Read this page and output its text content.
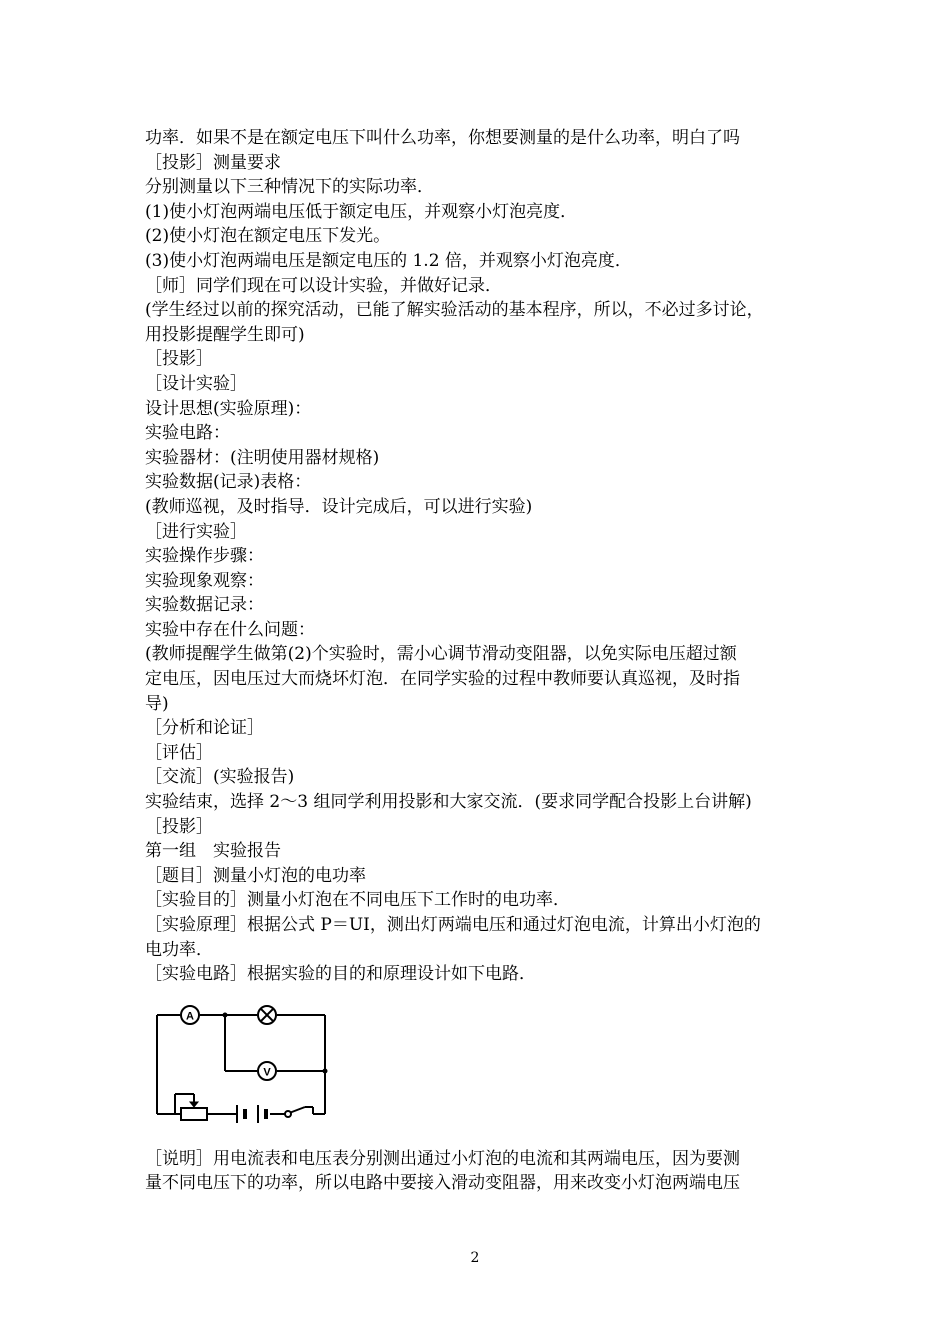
功率．如果不是在额定电压下叫什么功率，你想要测量的是什么功率，明白了吗
［投影］测量要求
分别测量以下三种情况下的实际功率．
(1)使小灯泡两端电压低于额定电压，并观察小灯泡亮度．
(2)使小灯泡在额定电压下发光。
(3)使小灯泡两端电压是额定电压的 1.2 倍，并观察小灯泡亮度．
［师］同学们现在可以设计实验，并做好记录．
(学生经过以前的探究活动，已能了解实验活动的基本程序，所以，不必过多讨论，
用投影提醒学生即可)
［投影］
［设计实验］
设计思想(实验原理)：
实验电路：
实验器材：(注明使用器材规格)
实验数据(记录)表格：
(教师巡视，及时指导．设计完成后，可以进行实验)
［进行实验］
实验操作步骤：
实验现象观察：
实验数据记录：
实验中存在什么问题：
(教师提醒学生做第(2)个实验时，需小心调节滑动变阻器，以免实际电压超过额
定电压，因电压过大而烧坏灯泡．在同学实验的过程中教师要认真巡视，及时指
导)
［分析和论证］
［评估］
［交流］(实验报告)
实验结束，选择 2～3 组同学利用投影和大家交流．(要求同学配合投影上台讲解)
［投影］
第一组　实验报告
［题目］测量小灯泡的电功率
［实验目的］测量小灯泡在不同电压下工作时的电功率．
［实验原理］根据公式 P＝UI，测出灯两端电压和通过灯泡电流，计算出小灯泡的
电功率．
［实验电路］根据实验的目的和原理设计如下电路．
A
V
［说明］用电流表和电压表分别测出通过小灯泡的电流和其两端电压，因为要测
量不同电压下的功率，所以电路中要接入滑动变阻器，用来改变小灯泡两端电压
2
